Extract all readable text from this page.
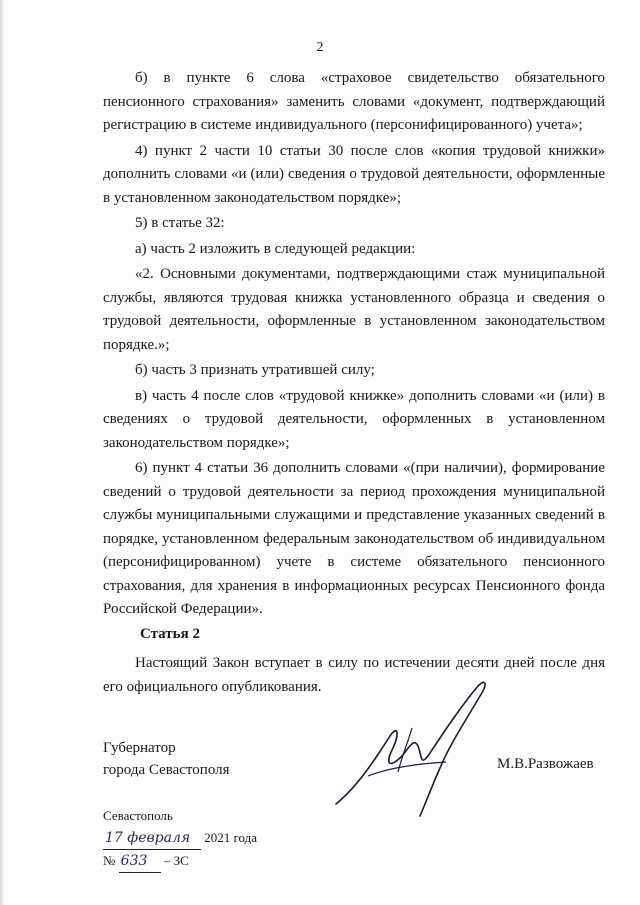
2

б) в пункте 6 слова «страховое свидетельство обязательного пенсионного страхования» заменить словами «документ, подтверждающий регистрацию в системе индивидуального (персонифицированного) учета»;

4) пункт 2 части 10 статьи 30 после слов «копия трудовой книжки» дополнить словами «и (или) сведения о трудовой деятельности, оформленные в установленном законодательством порядке»;

5) в статье 32:

а) часть 2 изложить в следующей редакции:

«2. Основными документами, подтверждающими стаж муниципальной службы, являются трудовая книжка установленного образца и сведения о трудовой деятельности, оформленные в установленном законодательством порядке.»;

б) часть 3 признать утратившей силу;

в) часть 4 после слов «трудовой книжке» дополнить словами «и (или) в сведениях о трудовой деятельности, оформленных в установленном законодательством порядке»;

6) пункт 4 статьи 36 дополнить словами «(при наличии), формирование сведений о трудовой деятельности за период прохождения муниципальной службы муниципальными служащими и представление указанных сведений в порядке, установленном федеральным законодательством об индивидуальном (персонифицированном) учете в системе обязательного пенсионного страхования, для хранения в информационных ресурсах Пенсионного фонда Российской Федерации».

Статья 2

Настоящий Закон вступает в силу по истечении десяти дней после дня его официального опубликования.

Губернатор
города Севастополя	М.В.Развожаев
Севастополь
17 февраля 2021 года
№ 633 – ЗС
